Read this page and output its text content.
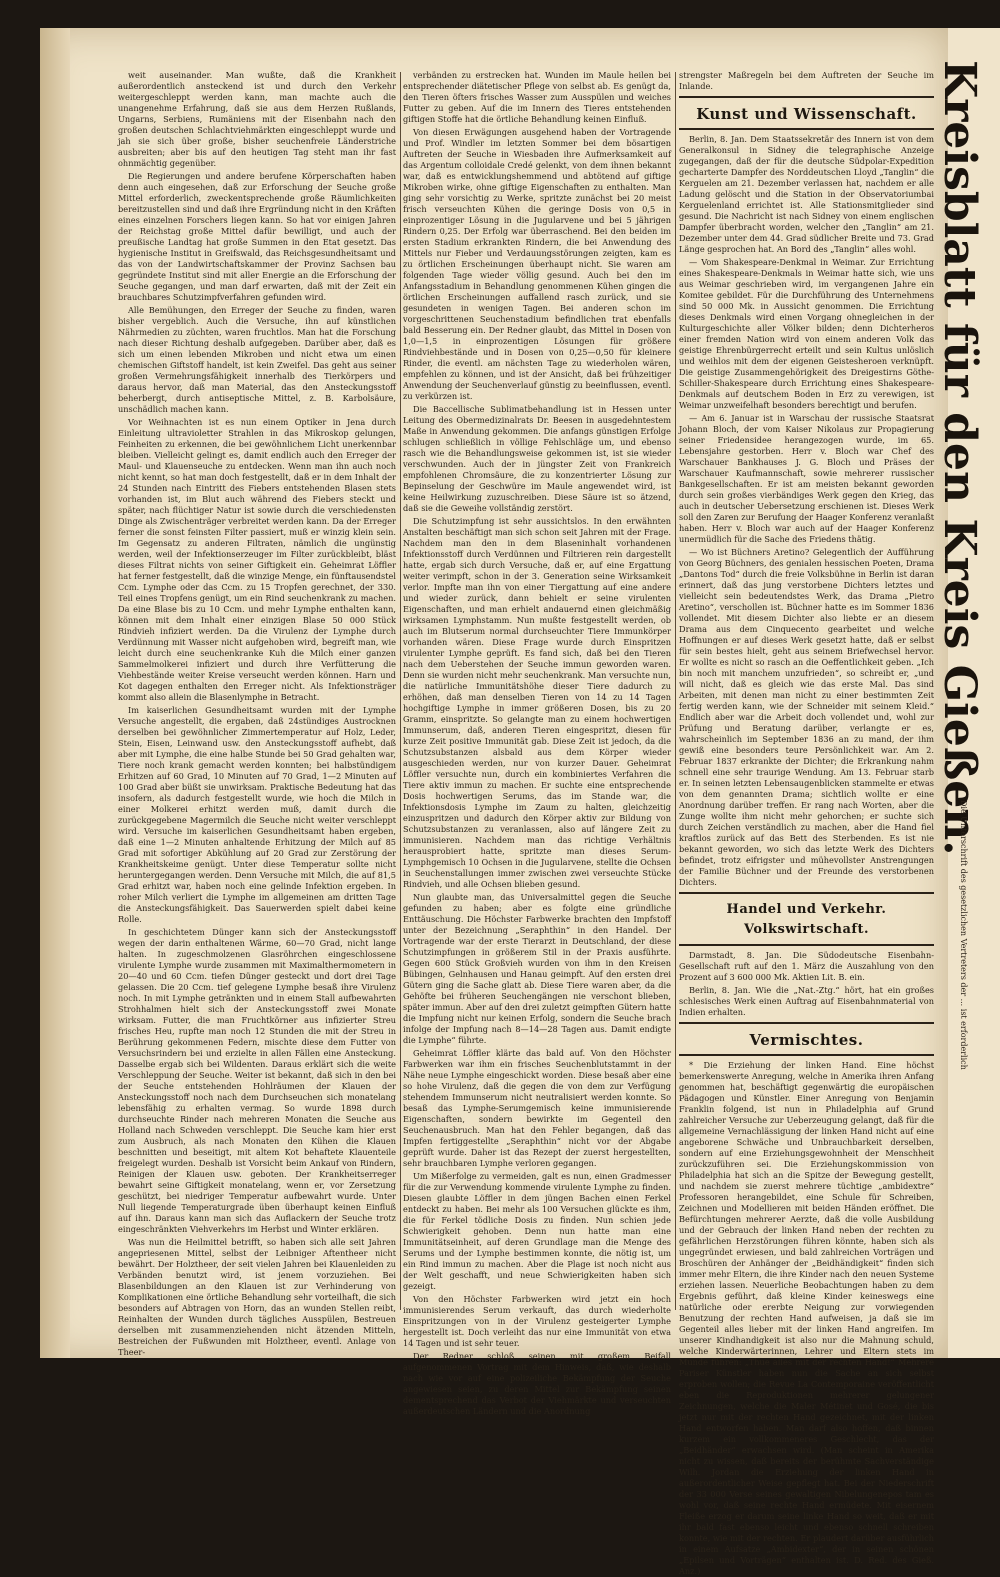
weit auseinander. Man wußte, daß die Krankheit außerordentlich ansteckend ist und durch den Verkehr weitergeschleppt werden kann, man machte auch die unangenehme Erfahrung, daß sie aus dem Herzen Rußlands, Ungarns, Serbiens, Rumäniens mit der Eisenbahn nach den großen deutschen Schlachtviehmärkten eingeschleppt wurde und jah sie sich über große, bisher seuchenfreie Länderstriche ausbreiten; aber bis auf den heutigen Tag steht man ihr fast ohnmächtig gegenüber.

Die Regierungen und andere berufene Körperschaften haben denn auch eingesehen, daß zur Erforschung der Seuche große Mittel erforderlich, zweckentsprechende große Räumlichkeiten bereitzustellen sind und daß ihre Ergründung nicht in den Kräften eines einzelnen Forschers liegen kann. So hat vor einigen Jahren der Reichstag große Mittel dafür bewilligt, und auch der preußische Landtag hat große Summen in den Etat gesetzt. Das hygienische Institut in Greifswald, das Reichsgesundheitsamt und das von der Landwirtschaftskammer der Provinz Sachsen bau gegründete Institut sind mit aller Energie an die Erforschung der Seuche gegangen, und man darf erwarten, daß mit der Zeit ein brauchbares Schutzimpfverfahren gefunden wird.

Alle Bemühungen, den Erreger der Seuche zu finden, waren bisher vergeblich. Auch die Versuche, ihn auf künstlichen Nährmedien zu züchten, waren fruchtlos. Man hat die Forschung nach dieser Richtung deshalb aufgegeben. Darüber aber, daß es sich um einen lebenden Mikroben und nicht etwa um einen chemischen Giftstoff handelt, ist kein Zweifel. Das geht aus seiner großen Vermehrungsfähigkeit innerhalb des Tierkörpers und daraus hervor, daß man Material, das den Ansteckungsstoff beherbergt, durch antiseptische Mittel, z. B. Karbolsäure, unschädlich machen kann.

Vor Weihnachten ist es nun einem Optiker in Jena durch Einleitung ultravioletter Strahlen in das Mikroskop gelungen, Feinheiten zu erkennen, die bei gewöhnlichem Licht unerkennbar bleiben. Vielleicht gelingt es, damit endlich auch den Erreger der Maul- und Klauenseuche zu entdecken. Wenn man ihn auch noch nicht kennt, so hat man doch festgestellt, daß er in dem Inhalt der 24 Stunden nach Eintritt des Fiebers entstehenden Blasen stets vorhanden ist, im Blut auch während des Fiebers steckt und später, nach flüchtiger Natur ist sowie durch die verschiedensten Dinge als Zwischenträger verbreitet werden kann. Da der Erreger ferner die sonst feinsten Filter passiert, muß er winzig klein sein. Im Gegensatz zu anderen Filtraten, nämlich die ungünstig werden, weil der Infektionserzeuger im Filter zurückbleibt, bläst dieses Filtrat nichts von seiner Giftigkeit ein. Geheimrat Löffler hat ferner festgestellt, daß die winzige Menge, ein fünftausendstel Ccm. Lymphe oder das Ccm. zu 15 Tropfen gerechnet, der 330. Teil eines Tropfens genügt, um ein Rind seuchenkrank zu machen. Da eine Blase bis zu 10 Ccm. und mehr Lymphe enthalten kann, können mit dem Inhalt einer einzigen Blase 50 000 Stück Rindvieh infiziert werden. Da die Virulenz der Lymphe durch Verdünnung mit Wasser nicht aufgehoben wird, begreift man, wie leicht durch eine seuchenkranke Kuh die Milch einer ganzen Sammelmolkerei infiziert und durch ihre Verfütterung die Viehbestände weiter Kreise verseucht werden können. Harn und Kot dagegen enthalten den Erreger nicht. Als Infektionsträger kommt also allein die Blasenlymphe in Betracht.

Im kaiserlichen Gesundheitsamt wurden mit der Lymphe Versuche angestellt, die ergaben, daß 24stündiges Austrocknen derselben bei gewöhnlicher Zimmertemperatur auf Holz, Leder, Stein, Eisen, Leinwand usw. den Ansteckungsstoff aufhebt, daß aber mit Lymphe, die eine halbe Stunde bei 50 Grad gehalten war, Tiere noch krank gemacht werden konnten; bei halbstündigem Erhitzen auf 60 Grad, 10 Minuten auf 70 Grad, 1—2 Minuten auf 100 Grad aber büßt sie unwirksam. Praktische Bedeutung hat das insofern, als dadurch festgestellt wurde, wie hoch die Milch in einer Molkerei erhitzt werden muß, damit durch die zurückgegebene Magermilch die Seuche nicht weiter verschleppt wird. Versuche im kaiserlichen Gesundheitsamt haben ergeben, daß eine 1—2 Minuten anhaltende Erhitzung der Milch auf 85 Grad mit sofortiger Abkühlung auf 20 Grad zur Zerstörung der Krankheitskeime genügt. Unter diese Temperatur sollte nicht heruntergegangen werden. Denn Versuche mit Milch, die auf 81,5 Grad erhitzt war, haben noch eine gelinde Infektion ergeben. In roher Milch verliert die Lymphe im allgemeinen am dritten Tage die Ansteckungsfähigkeit. Das Sauerwerden spielt dabei keine Rolle.

In geschichtetem Dünger kann sich der Ansteckungsstoff wegen der darin enthaltenen Wärme, 60—70 Grad, nicht lange halten. In zugeschmolzenen Glasröhrchen eingeschlossene virulente Lymphe wurde zusammen mit Maximalthermometern in 20—40 und 60 Ccm. tiefen Dünger gesteckt und dort drei Tage gelassen. Die 20 Ccm. tief gelegene Lymphe besaß ihre Virulenz noch. In mit Lymphe getränkten und in einem Stall aufbewahrten Strohhalmen hielt sich der Ansteckungsstoff zwei Monate wirksam. Futter, die man Fruchtkörner aus infizierter Streu frisches Heu, rupfte man noch 12 Stunden die mit der Streu in Berührung gekommenen Federn, mischte diese dem Futter von Versuchsrindern bei und erzielte in allen Fällen eine Ansteckung. Dasselbe ergab sich bei Wildenten. Daraus erklärt sich die weite Verschleppung der Seuche. Weiter ist bekannt, daß sich in den bei der Seuche entstehenden Hohlräumen der Klauen der Ansteckungsstoff noch nach dem Durchseuchen sich monatelang lebensfähig zu erhalten vermag. So wurde 1898 durch durchseuchte Rinder nach mehreren Monaten die Seuche aus Holland nach Schweden verschleppt. Die Seuche kam hier erst zum Ausbruch, als nach Monaten den Kühen die Klauen beschnitten und beseitigt, mit altem Kot behaftete Klauenteile freigelegt wurden. Deshalb ist Vorsicht beim Ankauf von Rindern, Reinigen der Klauen usw. geboten. Der Krankheitserreger bewahrt seine Giftigkeit monatelang, wenn er, vor Zersetzung geschützt, bei niedriger Temperatur aufbewahrt wurde. Unter Null liegende Temperaturgrade üben überhaupt keinen Einfluß auf ihn. Daraus kann man sich das Auflackern der Seuche trotz eingeschränkten Viehverkehrs im Herbst und Winter erklären.

Was nun die Heilmittel betrifft, so haben sich alle seit Jahren angepriesenen Mittel, selbst der Leibniger Aftentheer nicht bewährt. Der Holztheer, der seit vielen Jahren bei Klauenleiden zu Verbänden benutzt wird, ist jenem vorzuziehen. Bei Blasenbildungen an den Klauen ist zur Verhinderung von Komplikationen eine örtliche Behandlung sehr vorteilhaft, die sich besonders auf Abtragen von Horn, das an wunden Stellen reibt, Reinhalten der Wunden durch tägliches Ausspülen, Bestreuen derselben mit zusammenziehenden nicht ätzenden Mitteln, Bestreichen der Fußwunden mit Holztheer, eventl. Anlage von Theer-

verbänden zu erstrecken hat. Wunden im Maule heilen bei entsprechender diätetischer Pflege von selbst ab. Es genügt da, den Tieren öfters frisches Wasser zum Ausspülen und weiches Futter zu geben. Auf die im Innern des Tieres entstehenden giftigen Stoffe hat die örtliche Behandlung keinen Einfluß.

Von diesen Erwägungen ausgehend haben der Vortragende und Prof. Windler im letzten Sommer bei dem bösartigen Auftreten der Seuche in Wiesbaden ihre Aufmerksamkeit auf das Argentum colloidale Credé gelenkt, von dem ihnen bekannt war, daß es entwicklungshemmend und abtötend auf giftige Mikroben wirke, ohne giftige Eigenschaften zu enthalten. Man ging sehr vorsichtig zu Werke, spritzte zunächst bei 20 meist frisch verseuchten Kühen die geringe Dosis von 0,5 in einprozentiger Lösung in die Jugularvene und bei 5 jährigen Rindern 0,25. Der Erfolg war überraschend. Bei den beiden im ersten Stadium erkrankten Rindern, die bei Anwendung des Mittels nur Fieber und Verdauungsstörungen zeigten, kam es zu örtlichen Erscheinungen überhaupt nicht. Sie waren am folgenden Tage wieder völlig gesund. Auch bei den im Anfangsstadium in Behandlung genommenen Kühen gingen die örtlichen Erscheinungen auffallend rasch zurück, und sie gesundeten in wenigen Tagen. Bei anderen schon im vorgeschrittenen Seuchenstadium befindlichen trat ebenfalls bald Besserung ein. Der Redner glaubt, das Mittel in Dosen von 1,0—1,5 in einprozentigen Lösungen für größere Rindviehbestände und in Dosen von 0,25—0,50 für kleinere Rinder, die eventl. am nächsten Tage zu wiederholen wären, empfehlen zu können, und ist der Ansicht, daß bei frühzeitiger Anwendung der Seuchenverlauf günstig zu beeinflussen, eventl. zu verkürzen ist.

Die Baccellische Sublimatbehandlung ist in Hessen unter Leitung des Obermedizinalrats Dr. Beesen in ausgedehntestem Maße in Anwendung gekommen. Die anfangs günstigen Erfolge schlugen schließlich in völlige Fehlschläge um, und ebenso rasch wie die Behandlungsweise gekommen ist, ist sie wieder verschwunden. Auch der in jüngster Zeit von Frankreich empfohlenen Chromsäure, die zu konzentrierter Lösung zur Bepinselung der Geschwüre im Maule angewendet wird, ist keine Heilwirkung zuzuschreiben. Diese Säure ist so ätzend, daß sie die Geweihe vollständig zerstört.

Die Schutzimpfung ist sehr aussichtslos. In den erwähnten Anstalten beschäftigt man sich schon seit Jahren mit der Frage. Nachdem man den in dem Blaseninhalt vorhandenen Infektionsstoff durch Verdünnen und Filtrieren rein dargestellt hatte, ergab sich durch Versuche, daß er, auf eine Ergattung weiter verimpft, schon in der 3. Generation seine Wirksamkeit verlor. Impfte man ihn von einer Tiergattung auf eine andere und wieder zurück, dann behielt er seine virulenten Eigenschaften, und man erhielt andauernd einen gleichmäßig wirksamen Lymphstamm. Nun mußte festgestellt werden, ob auch im Blutserum normal durchseuchter Tiere Immunkörper vorhanden wären. Diese Frage wurde durch Einspritzen virulenter Lymphe geprüft. Es fand sich, daß bei den Tieren nach dem Ueberstehen der Seuche immun geworden waren. Denn sie wurden nicht mehr seuchenkrank. Man versuchte nun, die natürliche Immunitätshöhe dieser Tiere dadurch zu erhöhen, daß man denselben Tieren von 14 zu 14 Tagen hochgiftige Lymphe in immer größeren Dosen, bis zu 20 Gramm, einspritzte. So gelangte man zu einem hochwertigen Immunserum, daß, anderen Tieren eingespritzt, diesen für kurze Zeit positive Immunität gab. Diese Zeit ist jedoch, da die Schutzsubstanzen alsbald aus dem Körper wieder ausgeschieden werden, nur von kurzer Dauer. Geheimrat Löffler versuchte nun, durch ein kombiniertes Verfahren die Tiere aktiv immun zu machen. Er suchte eine entsprechende Dosis hochwertigen Serums, das im Stande war, die Infektionsdosis Lymphe im Zaum zu halten, gleichzeitig einzuspritzen und dadurch den Körper aktiv zur Bildung von Schutzsubstanzen zu veranlassen, also auf längere Zeit zu immunisieren. Nachdem man das richtige Verhältnis herausprobiert hatte, spritzte man dieses Serum-Lymphgemisch 10 Ochsen in die Jugularvene, stellte die Ochsen in Seuchenstallungen immer zwischen zwei verseuchte Stücke Rindvieh, und alle Ochsen blieben gesund.

Nun glaubte man, das Universalmittel gegen die Seuche gefunden zu haben; aber es folgte eine gründliche Enttäuschung. Die Höchster Farbwerke brachten den Impfstoff unter der Bezeichnung „Seraphthin“ in den Handel. Der Vortragende war der erste Tierarzt in Deutschland, der diese Schutzimpfungen in größerem Stil in der Praxis ausführte. Gegen 600 Stück Großvieh wurden von ihm in den Kreisen Bübingen, Gelnhausen und Hanau geimpft. Auf den ersten drei Gütern ging die Sache glatt ab. Diese Tiere waren aber, da die Gehöfte bei früheren Seuchengängen nie verschont blieben, später immun. Aber auf den drei zuletzt geimpften Gütern hatte die Impfung nicht nur keinen Erfolg, sondern die Seuche brach infolge der Impfung nach 8—14—28 Tagen aus. Damit endigte die Lymphe“ führte.

Geheimrat Löffler klärte das bald auf. Von den Höchster Farbwerken war ihm ein frisches Seuchenblutstammt in der Nähe neue Lymphe eingeschickt worden. Diese besaß aber eine so hohe Virulenz, daß die gegen die von dem zur Verfügung stehendem Immunserum nicht neutralisiert werden konnte. So besaß das Lymphe-Serumgemisch keine immunisierende Eigenschaften, sondern bewirkte im Gegenteil den Seuchenausbruch. Man hat den Fehler begangen, daß das Impfen fertiggestellte „Seraphthin“ nicht vor der Abgabe geprüft wurde. Daher ist das Rezept der zuerst hergestellten, sehr brauchbaren Lymphe verloren gegangen.

Um Mißerfolge zu vermeiden, galt es nun, einen Gradmesser für die zur Verwendung kommende virulente Lymphe zu finden. Diesen glaubte Löffler in dem jüngen Bachen einen Ferkel entdeckt zu haben. Bei mehr als 100 Versuchen glückte es ihm, die für Ferkel tödliche Dosis zu finden. Nun schien jede Schwierigkeit gehoben. Denn nun hatte man eine Immunitätseinheit, auf deren Grundlage man die Menge des Serums und der Lymphe bestimmen konnte, die nötig ist, um ein Rind immun zu machen. Aber die Plage ist noch nicht aus der Welt geschafft, und neue Schwierigkeiten haben sich gezeigt.

Von den Höchster Farbwerken wird jetzt ein hoch immunisierendes Serum verkauft, das durch wiederholte Einspritzungen von in der Virulenz gesteigerter Lymphe hergestellt ist. Doch verleiht das nur eine Immunität von etwa 14 Tagen und ist sehr teuer.

Der Redner schloß seinen mit großem Beifall aufgenommenen Vortrag mit dem Hinweis, daß, wie deshalb nach wie vor auf eine polizeiliche Bekämpfung der Seuche angewiesen seien, zu deren Mittel zur Bekämpfung seinen dementsprechend das Verbot der Viehmärkte und verseuchten außerdeutschen Ländern und die Anordnung

strengster Maßregeln bei dem Auftreten der Seuche im Inlande.

Kunst und Wissenschaft.

Berlin, 8. Jan. Dem Staatssekretär des Innern ist von dem Generalkonsul in Sidney die telegraphische Anzeige zugegangen, daß der für die deutsche Südpolar-Expedition gecharterte Dampfer des Norddeutschen Lloyd „Tanglin“ die Kerguelen am 21. Dezember verlassen hat, nachdem er alle Ladung gelöscht und die Station in der Observatoriumbai Kerguelenland errichtet ist. Alle Stationsmitglieder sind gesund. Die Nachricht ist nach Sidney von einem englischen Dampfer überbracht worden, welcher den „Tanglin“ am 21. Dezember unter dem 44. Grad südlicher Breite und 73. Grad Länge gesprochen hat. An Bord des „Tanglin“ alles wohl.

— Vom Shakespeare-Denkmal in Weimar. Zur Errichtung eines Shakespeare-Denkmals in Weimar hatte sich, wie uns aus Weimar geschrieben wird, im vergangenen Jahre ein Komitee gebildet. Für die Durchführung des Unternehmens sind 50 000 Mk. in Aussicht genommen. Die Errichtung dieses Denkmals wird einen Vorgang ohnegleichen in der Kulturgeschichte aller Völker bilden; denn Dichterheros einer fremden Nation wird von einem anderen Volk das geistige Ehrenbürgerrecht erteilt und sein Kultus unlöslich und weihlos mit dem der eigenen Geistesheroen verknüpft. Die geistige Zusammengehörigkeit des Dreigestirns Göthe-Schiller-Shakespeare durch Errichtung eines Shakespeare-Denkmals auf deutschem Boden in Erz zu verewigen, ist Weimar unzweifelhaft besonders berechtigt und berufen.

— Am 6. Januar ist in Warschau der russische Staatsrat Johann Bloch, der vom Kaiser Nikolaus zur Propagierung seiner Friedensidee herangezogen wurde, im 65. Lebensjahre gestorben. Herr v. Bloch war Chef des Warschauer Bankhauses J. G. Bloch und Präses der Warschauer Kaufmannschaft, sowie mehrerer russischer Bankgesellschaften. Er ist am meisten bekannt geworden durch sein großes vierbändiges Werk gegen den Krieg, das auch in deutscher Uebersetzung erschienen ist. Dieses Werk soll den Zaren zur Berufung der Haager Konferenz veranlaßt haben. Herr v. Bloch war auch auf der Haager Konferenz unermüdlich für die Sache des Friedens thätig.

— Wo ist Büchners Aretino? Gelegentlich der Aufführung von Georg Büchners, des genialen hessischen Poeten, Drama „Dantons Tod“ durch die freie Volksbühne in Berlin ist daran erinnert, daß das jung verstorbene Dichters letztes und vielleicht sein bedeutendstes Werk, das Drama „Pietro Aretino“, verschollen ist. Büchner hatte es im Sommer 1836 vollendet. Mit diesem Dichter also liebte er an diesem Drama aus dem Cinquecento gearbeitet und welche Hoffnungen er auf dieses Werk gesetzt hatte, daß er selbst für sein bestes hielt, geht aus seinem Briefwechsel hervor. Er wollte es nicht so rasch an die Oeffentlichkeit geben. „Ich bin noch mit manchem unzufrieden“, so schreibt er, „und will nicht, daß es gleich wie das erste Mal. Das sind Arbeiten, mit denen man nicht zu einer bestimmten Zeit fertig werden kann, wie der Schneider mit seinem Kleid.“ Endlich aber war die Arbeit doch vollendet und, wohl zur Prüfung und Beratung darüber, verlangte er es, wahrscheinlich im September 1836 an zu mand, der ihm gewiß eine besonders teure Persönlichkeit war. Am 2. Februar 1837 erkrankte der Dichter; die Erkrankung nahm schnell eine sehr traurige Wendung. Am 13. Februar starb er. In seinen letzten Lebensaugenblicken stammelte er etwas von dem genannten Drama; sichtlich wollte er eine Anordnung darüber treffen. Er rang nach Worten, aber die Zunge wollte ihm nicht mehr gehorchen; er suchte sich durch Zeichen verständlich zu machen, aber die Hand fiel kraftlos zurück auf das Bett des Sterbenden. Es ist nie bekannt geworden, wo sich das letzte Werk des Dichters befindet, trotz eifrigster und mühevollster Anstrengungen der Familie Büchner und der Freunde des verstorbenen Dichters.

Handel und Verkehr. Volkswirtschaft.

Darmstadt, 8. Jan. Die Südodeutsche Eisenbahn-Gesellschaft ruft auf den 1. März die Auszahlung von den Prozent auf 3 600 000 Mk. Aktien Lit. B. ein.

Berlin, 8. Jan. Wie die „Nat.-Ztg.“ hört, hat ein großes schlesisches Werk einen Auftrag auf Eisenbahnmaterial von Indien erhalten.

Vermischtes.

* Die Erziehung der linken Hand. Eine höchst bemerkenswerte Anregung, welche in Amerika ihren Anfang genommen hat, beschäftigt gegenwärtig die europäischen Pädagogen und Künstler. Einer Anregung von Benjamin Franklin folgend, ist nun in Philadelphia auf Grund zahlreicher Versuche zur Ueberzeugung gelangt, daß für die allgemeine Vernachlässigung der linken Hand nicht auf eine angeborene Schwäche und Unbrauchbarkeit derselben, sondern auf eine Erziehungsgewohnheit der Menschheit zurückzuführen sei. Die Erziehungskommission von Philadelphia hat sich an die Spitze der Bewegung gestellt, und nachdem sie zuerst mehrere tüchtige „ambidextre“ Professoren herangebildet, eine Schule für Schreiben, Zeichnen und Modellieren mit beiden Händen eröffnet. Die Befürchtungen mehrerer Aerzte, daß die volle Ausbildung und der Gebrauch der linken Hand neben der rechten zu gefährlichen Herzstörungen führen könnte, haben sich als ungegründet erwiesen, und bald zahlreichen Vorträgen und Broschüren der Anhänger der „Beidhändigkeit“ finden sich immer mehr Eltern, die ihre Kinder nach den neuen Systeme erziehen lassen. Neuerliche Beobachtungen haben zu dem Ergebnis geführt, daß kleine Kinder keineswegs eine natürliche oder ererbte Neigung zur vorwiegenden Benutzung der rechten Hand aufweisen, ja daß sie im Gegenteil alles lieber mit der linken Hand angreifen. Im unserer Kindhandigkeit ist also nur die Mahnung schuld, welche Kinderwärterinnen, Lehrer und Eltern stets im Munde führen: „Thue alles mit der rechten Hand!“ Mehrere Pariser Künstler haben nun die Sache an sich selbst erproben wollen; die Revue La Contemporaine veröffentlicht eben die Reproduktionen mehrerer gelungener Zeichnungen, welche die Maler Métinet und Gosé, die bis jetzt nur mit der rechten Hand gezeichnet, mit der linken Hand entworfen haben. Man darf also hoffen, daß binnen kurzem ein vollkommeneres Geschlecht, das der „Beidhänder“ erwachsen wird. (Man scheint in Amerika nicht zu wissen, daß bereits der berühmte Sachverständige Wilh. Jordan die Erziehung der linken Hand in außerordentlicher Weise gepflegt hat. Bei der Niederschrift der 33 000 Verse seines gewaltigen Nibelungenepos tam es wohl vor, daß seine rechte Hand ermüdete. Mit eisernem Fleiße erzog er darum seine linke Hand so weit, daß er mit ihr bald fast ebenso leicht und ebenso schnell schreiben konnte, wie mit der rechten. Er plaudert darüber ausführlich in einem Aufsatze „Ambidexter“, der in seinen schönen „Epilsen und Vorträgen“ enthalten ist. D. Red. des Gieß. Anz.)

Kreisblatt für den Kreis Gießen.
Die Unterschrift des gesetzlichen Vertreters der ... ist erforderlich
